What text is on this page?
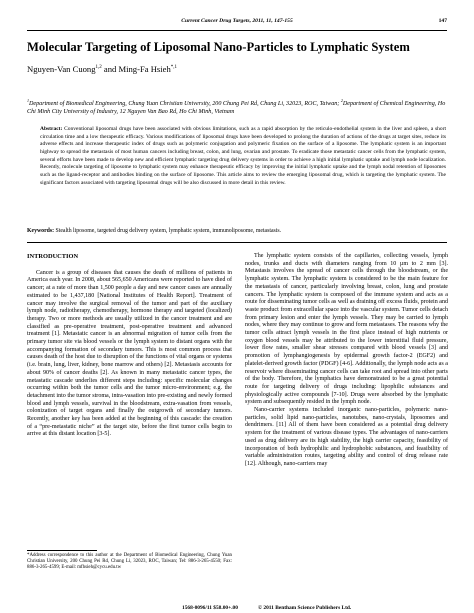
Current Cancer Drug Targets, 2011, 11, 147-155	147
Molecular Targeting of Liposomal Nano-Particles to Lymphatic System
Nguyen-Van Cuong$^{1,2}$ and Ming-Fa Hsieh$^{*,1}$
$^1$Department of Biomedical Engineering, Chung Yuan Christian University, 200 Chung Pei Rd, Chung Li, 32023, ROC, Taiwan; $^2$Department of Chemical Engineering, Ho Chi Minh City University of Industry, 12 Nguyen Van Bao Rd, Ho Chi Minh, Vietnam
Abstract: Conventional liposomal drugs have been associated with obvious limitations, such as a rapid absorption by the reticulo-endothelial system in the liver and spleen, a short circulation time and a low therapeutic efficacy. Various modifications of liposomal drugs have been developed to prolong the duration of actions of the drugs at target sites, reduce its adverse effects and increase therapeutic index of drugs such as polymeric conjugation and polymeric fixation on the surface of a liposome. The lymphatic system is an important highway to spread the metastasis of most human cancers including breast, colon, and lung, ovarian and prostate. To eradicate those metastatic cancer cells from the lymphatic system, several efforts have been made to develop new and efficient lymphatic targeting drug delivery systems in order to achieve a high initial lymphatic uptake and lymph node localization. Recently, molecule targeting of liposome to lymphatic system may enhance therapeutic efficacy by improving the initial lymphatic uptake and the lymph nodal retention of liposomes such as the ligand-receptor and antibodies binding on the surface of liposome. This article aims to review the emerging liposomal drug, which is targeting the lymphatic system. The significant factors associated with targeting liposomal drugs will be also discussed in more detail in this review.
Keywords: Stealth liposome, targeted drug delivery system, lymphatic system, immunoliposome, metastasis.
INTRODUCTION

Cancer is a group of diseases that causes the death of millions of patients in America each year. In 2008, about 565,650 Americans were reported to have died of cancer; at a rate of more than 1,500 people a day and new cancer cases are annually estimated to be 1,437,180 [National Institutes of Health Report]. Treatment of cancer may involve the surgical removal of the tumor and part of the auxiliary lymph node, radiotherapy, chemotherapy, hormone therapy and targeted (localized) therapy. Two or more methods are usually utilized in the cancer treatment and are classified as pre-operative treatment, post-operative treatment and advanced treatment [1]. Metastatic cancer is an abnormal migration of tumor cells from the primary tumor site via blood vessels or the lymph system to distant organs with the accompanying formation of secondary tumors. This is most common process that causes death of the host due to disruption of the functions of vital organs or systems (i.e. brain, lung, liver, kidney, bone marrow and others) [2]. Metastasis accounts for about 90% of cancer deaths [2]. As known in many metastatic cancer types, the metastatic cascade underlies different steps including: specific molecular changes occurring within both the tumor cells and the tumor micro-environment; e.g. the detachment into the tumor stroma, intra-vasation into pre-existing and newly formed blood and lymph vessels, survival in the bloodstream, extra-vasation from vessels, colonization of target organs and finally the outgrowth of secondary tumors. Recently, another key has been added at the beginning of this cascade: the creation of a “pre-metastatic niche” at the target site, before the first tumor cells begin to arrive at this distant location [3-5].

The lymphatic system consists of the capillaries, collecting vessels, lymph nodes, trunks and ducts with diameters ranging from 10 µm to 2 mm [3]. Metastasis involves the spread of cancer cells through the bloodstream, or the lymphatic system. The lymphatic system is considered to be the main feature for the metastasis of cancer, particularly involving breast, colon, lung and prostate cancers. The lymphatic system is composed of the immune system and acts as a route for disseminating tumor cells as well as draining off excess fluids, protein and waste product from extracellular space into the vascular system. Tumor cells detach from primary lesion and enter the lymph vessels. They may be carried to lymph nodes, where they may continue to grow and form metastases. The reasons why the tumor cells attract lymph vessels in the first place instead of high nutrients or oxygen blood vessels may be attributed to the lower interstitial fluid pressure, lower flow rates, smaller shear stresses compared with blood vessels [3] and promotion of lymphangiogenesis by epidermal growth factor-2 (EGF2) and platelet-derived growth factor (PDGF) [4-6]. Additionally, the lymph node acts as a reservoir where disseminating cancer cells can take root and spread into other parts of the body. Therefore, the lymphatics have demonstrated to be a great potential route for targeting delivery of drugs including: lipophilic substances and physiologically active compounds [7-10]. Drugs were absorbed by the lymphatic system and subsequently resided in the lymph node.

Nano-carrier systems included inorganic nano-particles, polymeric nano-particles, solid lipid nano-particles, nanotubes, nano-crystals, liposomes and dendrimers. [11] All of them have been considered as a potential drug delivery system for the treatment of various disease types. The advantages of nano-carriers used as drug delivery are its high stability, the high carrier capacity, feasibility of incorporation of both hydrophilic and hydrophobic substances, and feasibility of variable administration routes, targeting ability and control of drug release rate [12]. Although, nano-carriers may

*Address correspondence to this author at the Department of Biomedical Engineering, Chung Yuan Christian University, 200 Chung Pei Rd, Chung Li, 32023, ROC, Taiwan; Tel: 886-3-265-4550; Fax: 886-3-265-4599; E-mail: mfhsieh@cycu.edu.tw
1568-0096/11 $58.00+.00	© 2011 Bentham Science Publishers Ltd.
